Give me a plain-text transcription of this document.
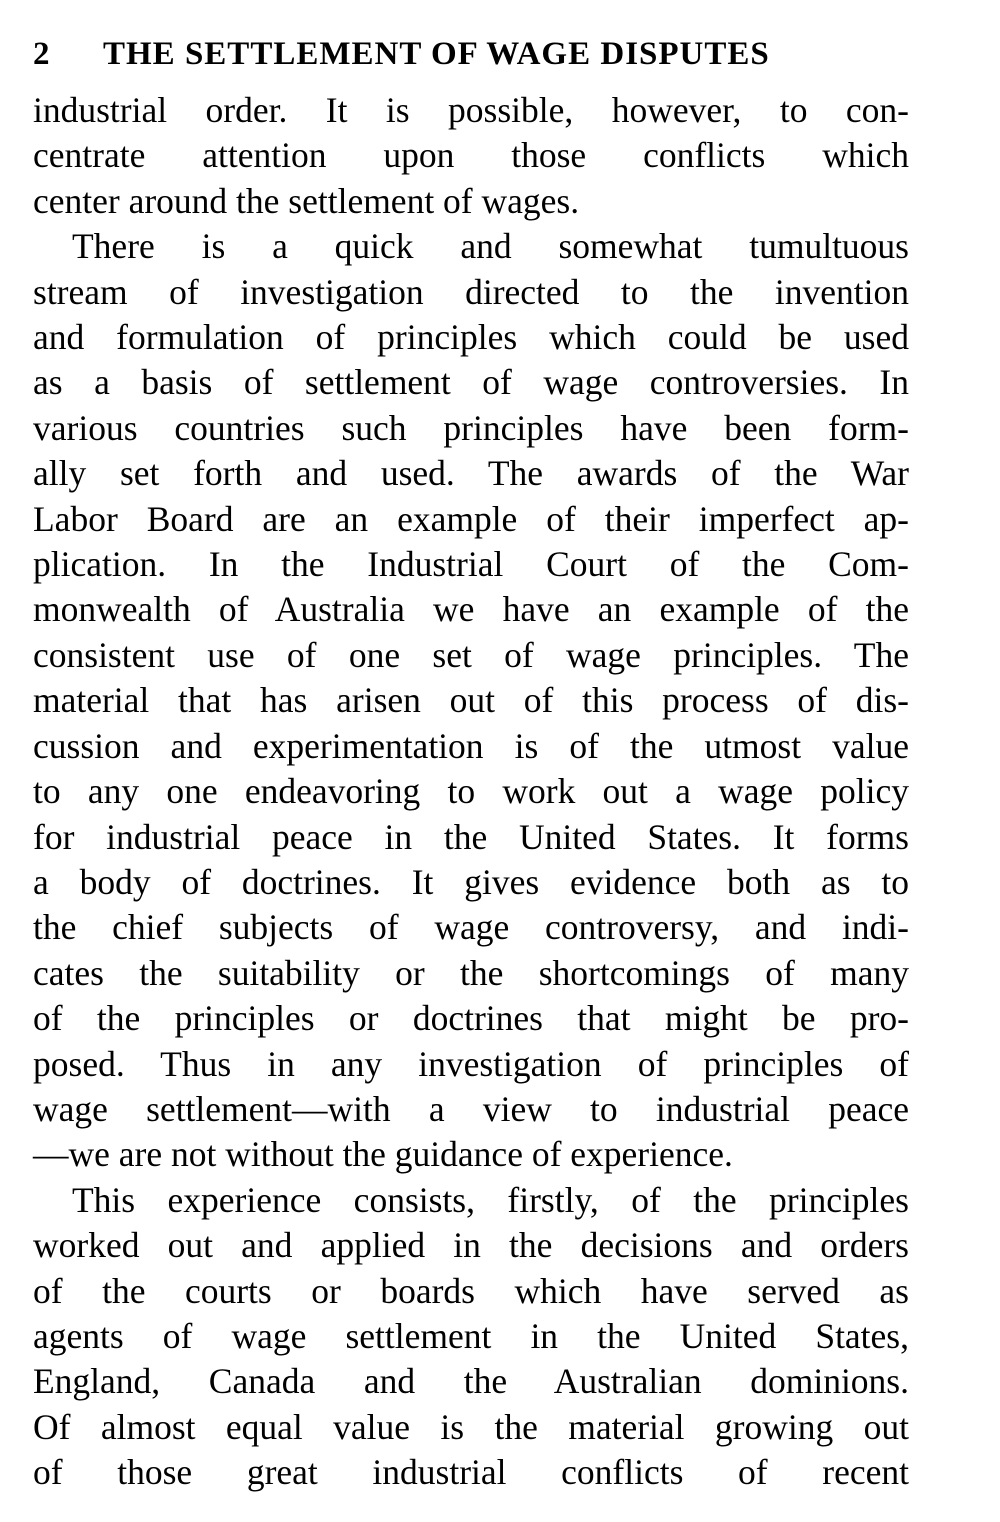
2	THE SETTLEMENT OF WAGE DISPUTES

industrial order. It is possible, however, to con-
centrate attention upon those conflicts which
center around the settlement of wages.

There is a quick and somewhat tumultuous
stream of investigation directed to the invention
and formulation of principles which could be used
as a basis of settlement of wage controversies. In
various countries such principles have been form-
ally set forth and used. The awards of the War
Labor Board are an example of their imperfect ap-
plication. In the Industrial Court of the Com-
monwealth of Australia we have an example of the
consistent use of one set of wage principles. The
material that has arisen out of this process of dis-
cussion and experimentation is of the utmost value
to any one endeavoring to work out a wage policy
for industrial peace in the United States. It forms
a body of doctrines. It gives evidence both as to
the chief subjects of wage controversy, and indi-
cates the suitability or the shortcomings of many
of the principles or doctrines that might be pro-
posed. Thus in any investigation of principles of
wage settlement—with a view to industrial peace
—we are not without the guidance of experience.

This experience consists, firstly, of the principles
worked out and applied in the decisions and orders
of the courts or boards which have served as
agents of wage settlement in the United States,
England, Canada and the Australian dominions.
Of almost equal value is the material growing out
of those great industrial conflicts of recent
